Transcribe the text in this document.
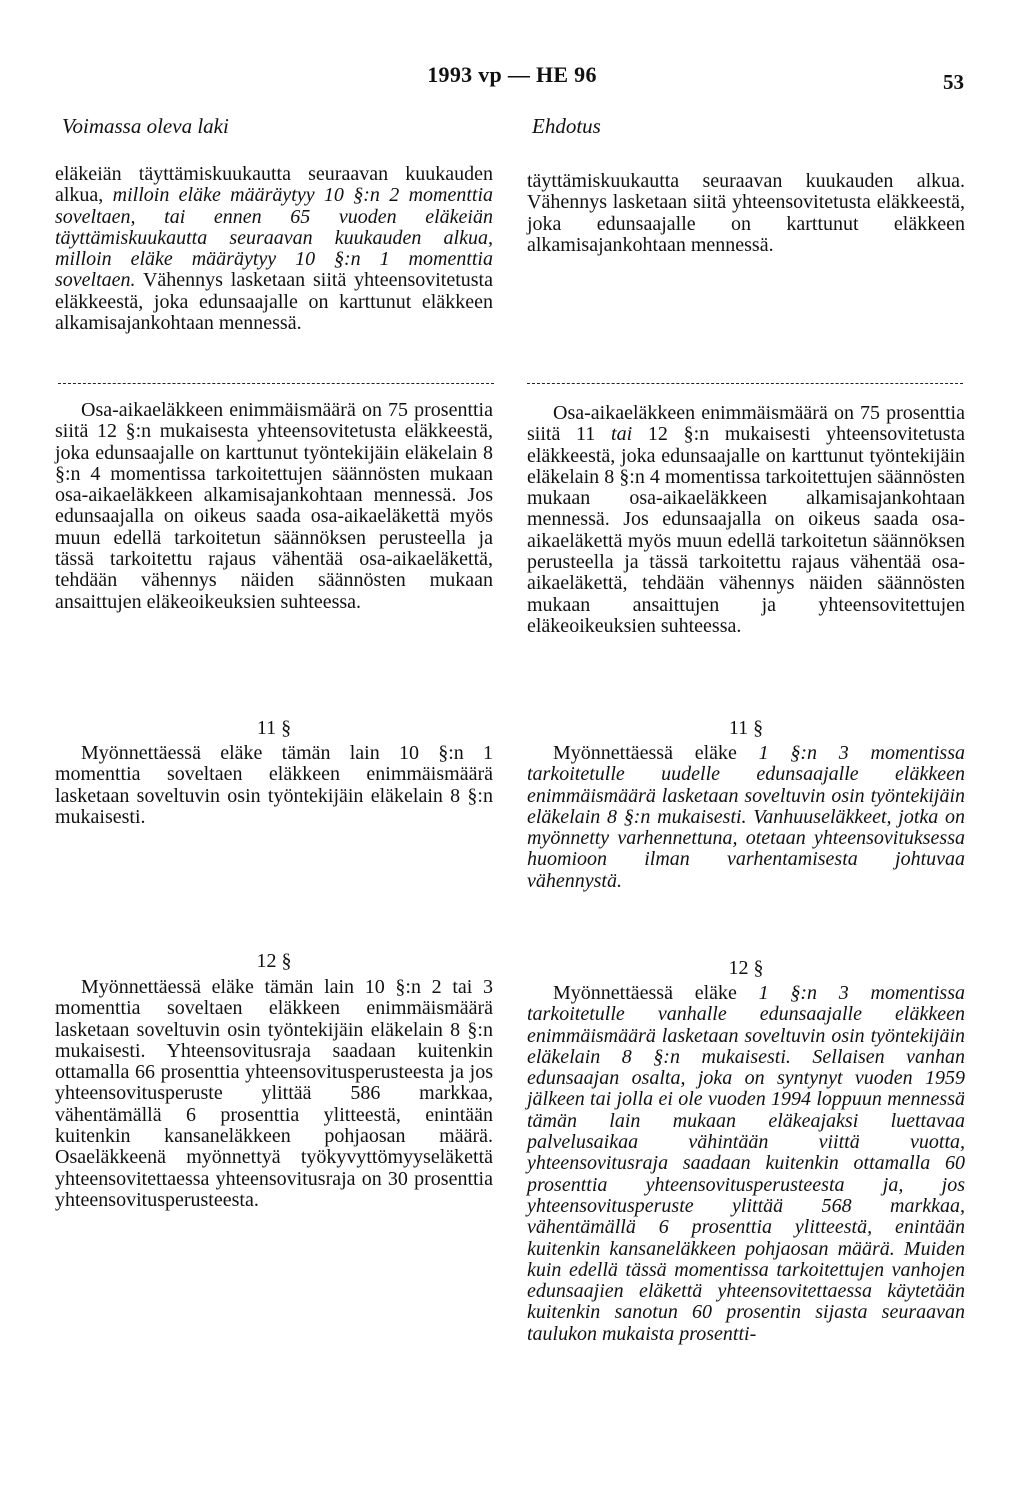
1993 vp — HE 96	53
Voimassa oleva laki	Ehdotus

eläkeiän täyttämiskuukautta seuraavan kuukauden alkua, milloin eläke määräytyy 10 §:n 2 momenttia soveltaen, tai ennen 65 vuoden eläkeiän täyttämiskuukautta seuraavan kuukauden alkua, milloin eläke määräytyy 10 §:n 1 momenttia soveltaen. Vähennys lasketaan siitä yhteensovitetusta eläkkeestä, joka edunsaajalle on karttunut eläkkeen alkamisajankohtaan mennessä.

Osa-aikaeläkkeen enimmäismäärä on 75 prosenttia siitä 12 §:n mukaisesta yhteensovitetusta eläkkeestä, joka edunsaajalle on karttunut työntekijäin eläkelain 8 §:n 4 momentissa tarkoitettujen säännösten mukaan osa-aikaeläkkeen alkamisajankohtaan mennessä. Jos edunsaajalla on oikeus saada osa-aikaeläkettä myös muun edellä tarkoitetun säännöksen perusteella ja tässä tarkoitettu rajaus vähentää osa-aikaeläkettä, tehdään vähennys näiden säännösten mukaan ansaittujen eläkeoikeuksien suhteessa.

täyttämiskuukautta seuraavan kuukauden alkua. Vähennys lasketaan siitä yhteensovitetusta eläkkeestä, joka edunsaajalle on karttunut eläkkeen alkamisajankohtaan mennessä.

Osa-aikaeläkkeen enimmäismäärä on 75 prosenttia siitä 11 tai 12 §:n mukaisesti yhteensovitetusta eläkkeestä, joka edunsaajalle on karttunut työntekijäin eläkelain 8 §:n 4 momentissa tarkoitettujen säännösten mukaan osa-aikaeläkkeen alkamisajankohtaan mennessä. Jos edunsaajalla on oikeus saada osa-aikaeläkettä myös muun edellä tarkoitetun säännöksen perusteella ja tässä tarkoitettu rajaus vähentää osa-aikaeläkettä, tehdään vähennys näiden säännösten mukaan ansaittujen ja yhteensovitettujen eläkeoikeuksien suhteessa.

11 §

Myönnettäessä eläke tämän lain 10 §:n 1 momenttia soveltaen eläkkeen enimmäismäärä lasketaan soveltuvin osin työntekijäin eläkelain 8 §:n mukaisesti.

11 §

Myönnettäessä eläke 1 §:n 3 momentissa tarkoitetulle uudelle edunsaajalle eläkkeen enimmäismäärä lasketaan soveltuvin osin työntekijäin eläkelain 8 §:n mukaisesti. Vanhuuseläkkeet, jotka on myönnetty varhennettuna, otetaan yhteensovituksessa huomioon ilman varhentamisesta johtuvaa vähennystä.

12 §

Myönnettäessä eläke tämän lain 10 §:n 2 tai 3 momenttia soveltaen eläkkeen enimmäismäärä lasketaan soveltuvin osin työntekijäin eläkelain 8 §:n mukaisesti. Yhteensovitusraja saadaan kuitenkin ottamalla 66 prosenttia yhteensovitusperusteesta ja jos yhteensovitusperuste ylittää 586 markkaa, vähentämällä 6 prosenttia ylitteestä, enintään kuitenkin kansaneläkkeen pohjaosan määrä. Osaeläkkeenä myönnettyä työkyvyttömyyseläkettä yhteensovitettaessa yhteensovitusraja on 30 prosenttia yhteensovitusperusteesta.

12 §

Myönnettäessä eläke 1 §:n 3 momentissa tarkoitetulle vanhalle edunsaajalle eläkkeen enimmäismäärä lasketaan soveltuvin osin työntekijäin eläkelain 8 §:n mukaisesti. Sellaisen vanhan edunsaajan osalta, joka on syntynyt vuoden 1959 jälkeen tai jolla ei ole vuoden 1994 loppuun mennessä tämän lain mukaan eläkeajaksi luettavaa palvelusaikaa vähintään viittä vuotta, yhteensovitusraja saadaan kuitenkin ottamalla 60 prosenttia yhteensovitusperusteesta ja, jos yhteensovitusperuste ylittää 568 markkaa, vähentämällä 6 prosenttia ylitteestä, enintään kuitenkin kansaneläkkeen pohjaosan määrä. Muiden kuin edellä tässä momentissa tarkoitettujen vanhojen edunsaajien eläkettä yhteensovitettaessa käytetään kuitenkin sanotun 60 prosentin sijasta seuraavan taulukon mukaista prosentti-
